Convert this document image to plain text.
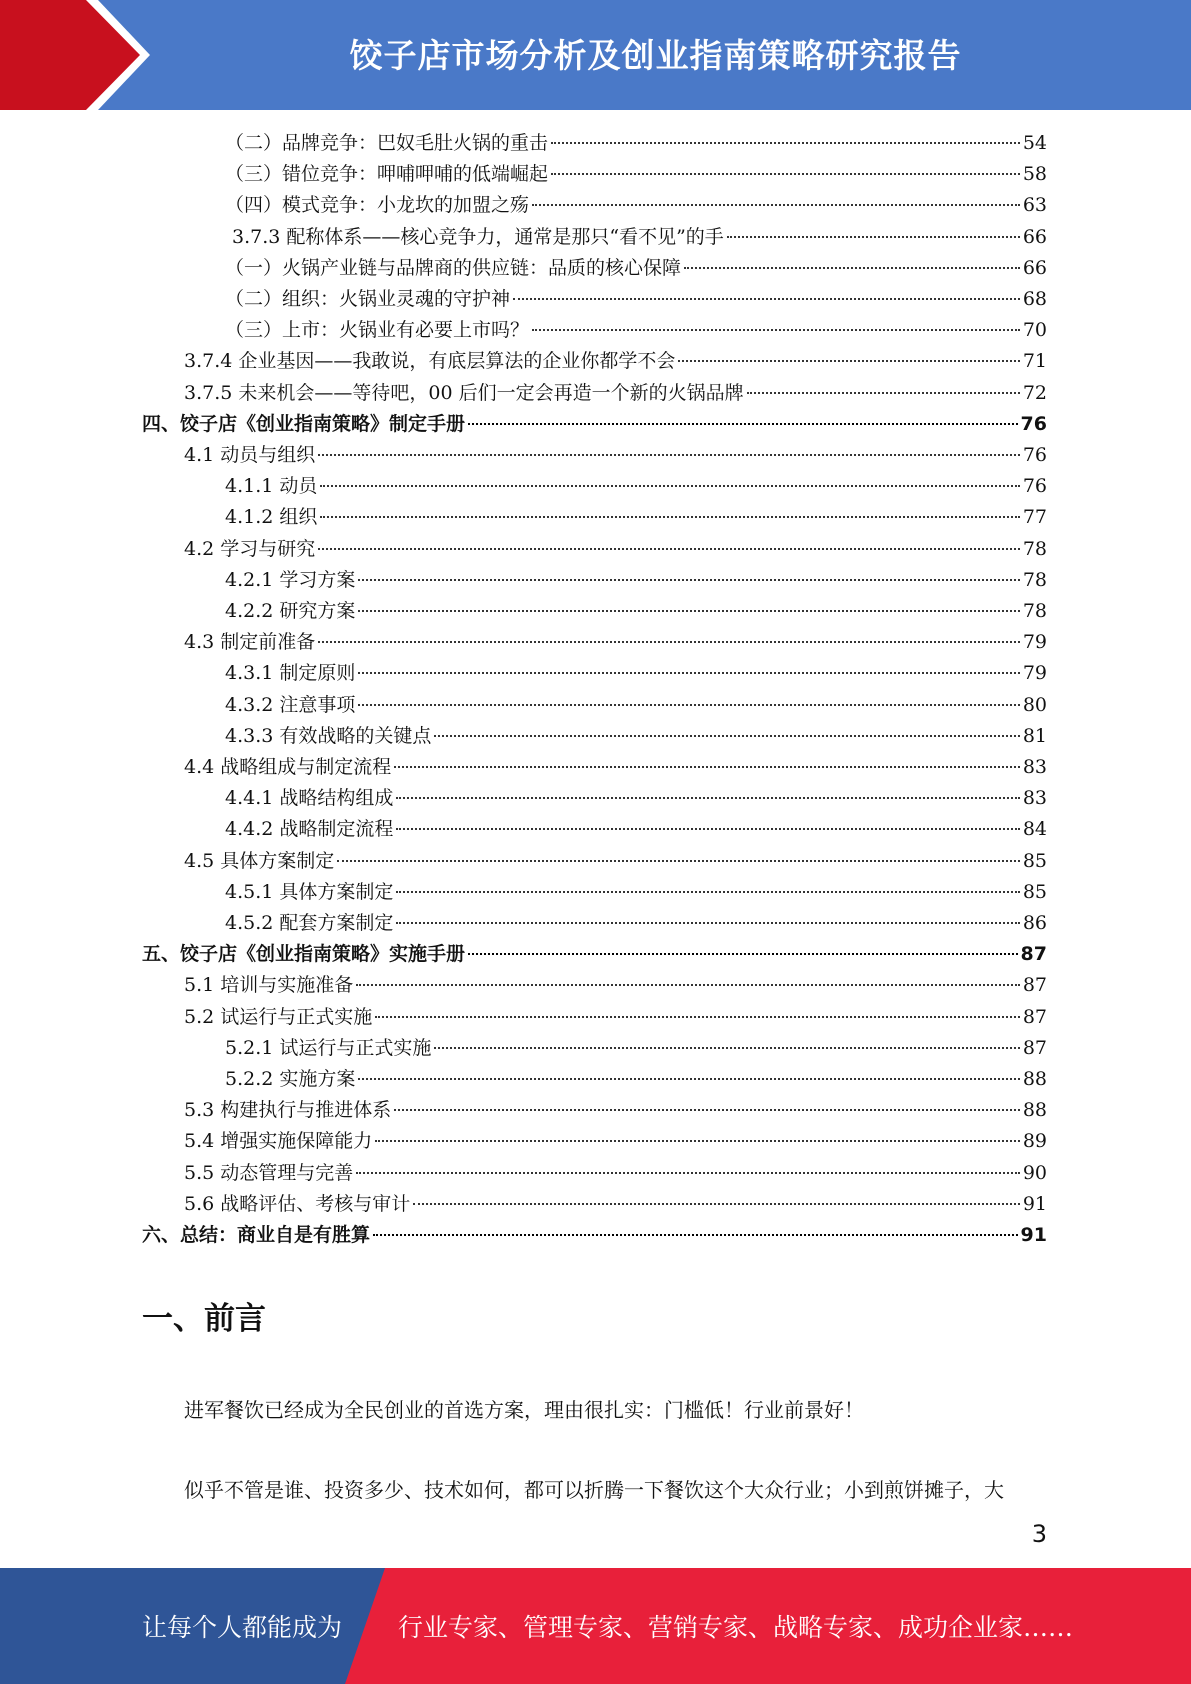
饺子店市场分析及创业指南策略研究报告
（二）品牌竞争：巴奴毛肚火锅的重击	54
（三）错位竞争：呷哺呷哺的低端崛起	58
（四）模式竞争：小龙坎的加盟之殇	63
3.7.3 配称体系——核心竞争力，通常是那只“看不见”的手	66
（一）火锅产业链与品牌商的供应链：品质的核心保障	66
（二）组织：火锅业灵魂的守护神	68
（三）上市：火锅业有必要上市吗？	70
3.7.4 企业基因——我敢说，有底层算法的企业你都学不会	71
3.7.5 未来机会——等待吧，00 后们一定会再造一个新的火锅品牌	72
四、饺子店《创业指南策略》制定手册	76
4.1 动员与组织	76
4.1.1 动员	76
4.1.2 组织	77
4.2 学习与研究	78
4.2.1 学习方案	78
4.2.2 研究方案	78
4.3 制定前准备	79
4.3.1 制定原则	79
4.3.2 注意事项	80
4.3.3 有效战略的关键点	81
4.4 战略组成与制定流程	83
4.4.1 战略结构组成	83
4.4.2 战略制定流程	84
4.5 具体方案制定	85
4.5.1 具体方案制定	85
4.5.2 配套方案制定	86
五、饺子店《创业指南策略》实施手册	87
5.1 培训与实施准备	87
5.2 试运行与正式实施	87
5.2.1 试运行与正式实施	87
5.2.2 实施方案	88
5.3 构建执行与推进体系	88
5.4 增强实施保障能力	89
5.5 动态管理与完善	90
5.6 战略评估、考核与审计	91
六、总结：商业自是有胜算	91
一、前言

进军餐饮已经成为全民创业的首选方案，理由很扎实：门槛低！行业前景好！

似乎不管是谁、投资多少、技术如何，都可以折腾一下餐饮这个大众行业；小到煎饼摊子，大

3
让每个人都能成为 行业专家、管理专家、营销专家、战略专家、成功企业家……
